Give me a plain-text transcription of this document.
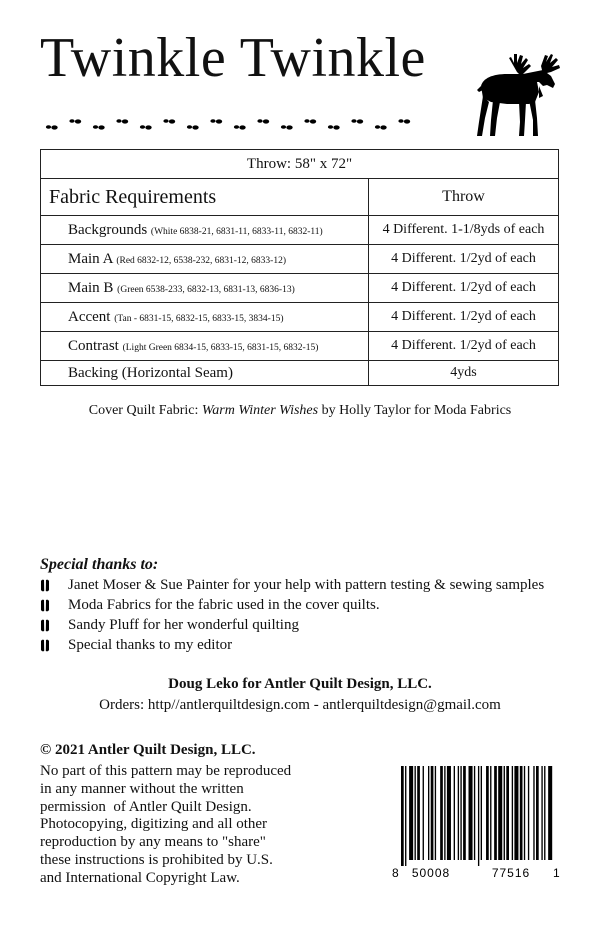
Twinkle Twinkle
Throw: 58" x 72"	
Fabric Requirements	Throw
Backgrounds (White 6838-21, 6831-11, 6833-11, 6832-11)	4 Different. 1-1/8yds of each
Main A (Red 6832-12, 6538-232, 6831-12, 6833-12)	4 Different. 1/2yd of each
Main B (Green 6538-233, 6832-13, 6831-13, 6836-13)	4 Different. 1/2yd of each
Accent (Tan - 6831-15, 6832-15, 6833-15, 3834-15)	4 Different. 1/2yd of each
Contrast (Light Green 6834-15, 6833-15, 6831-15, 6832-15)	4 Different. 1/2yd of each
Backing (Horizontal Seam)	4yds
Cover Quilt Fabric: Warm Winter Wishes by Holly Taylor for Moda Fabrics
Special thanks to:
Janet Moser & Sue Painter for your help with pattern testing & sewing samples
Moda Fabrics for the fabric used in the cover quilts.
Sandy Pluff for her wonderful quilting
Special thanks to my editor
Doug Leko for Antler Quilt Design, LLC.
Orders: http//antlerquiltdesign.com - antlerquiltdesign@gmail.com
© 2021 Antler Quilt Design, LLC.
No part of this pattern may be reproduced
in any manner without the written
permission  of Antler Quilt Design.
Photocopying, digitizing and all other
reproduction by any means to "share"
these instructions is prohibited by U.S.
and International Copyright Law.	8 50008	77516 1
